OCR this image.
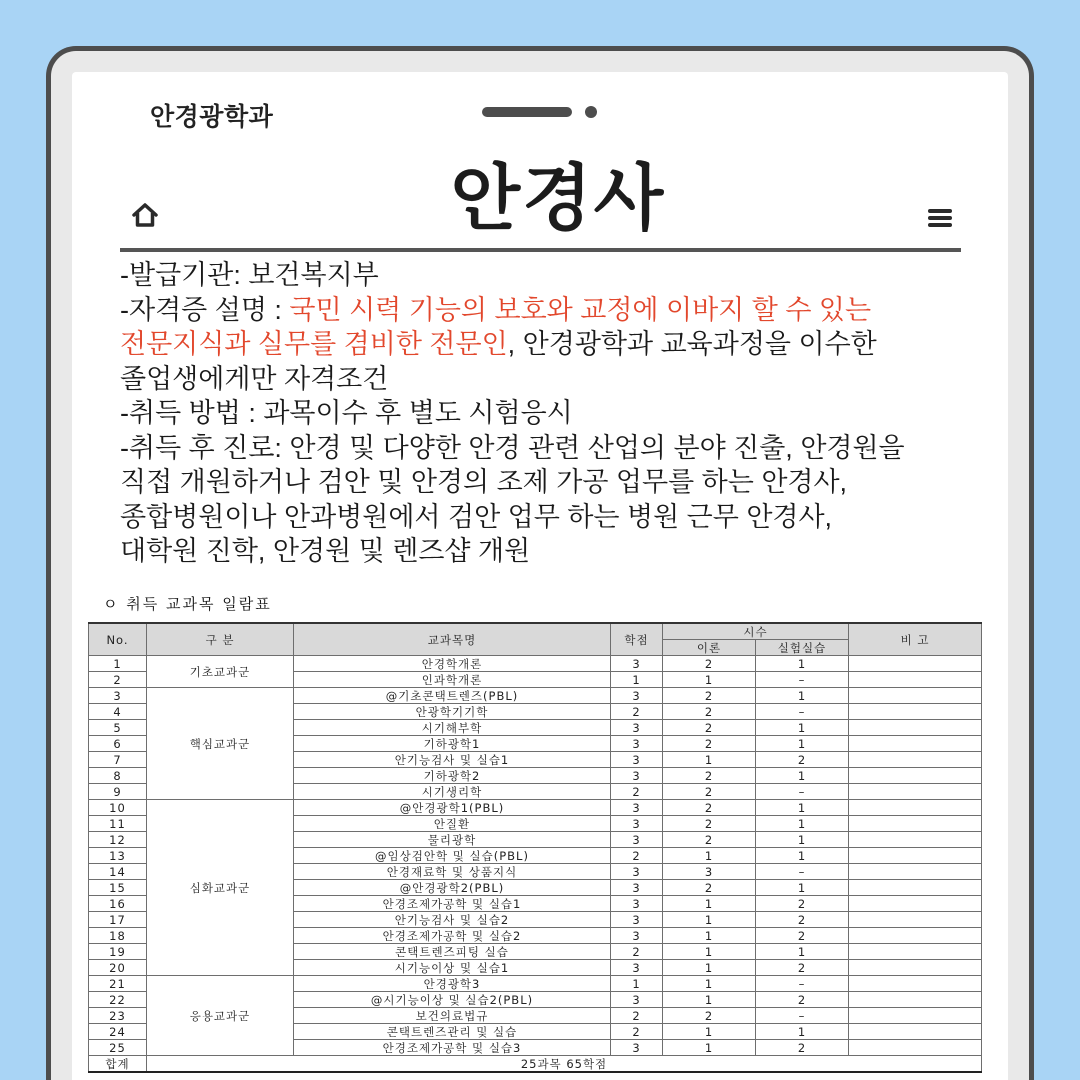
안경광학과
안경사
-발급기관: 보건복지부
-자격증 설명 : 국민 시력 기능의 보호와 교정에 이바지 할 수 있는
전문지식과 실무를 겸비한 전문인, 안경광학과 교육과정을 이수한
졸업생에게만 자격조건
-취득 방법 : 과목이수 후 별도 시험응시
-취득 후 진로: 안경 및 다양한 안경 관련 산업의 분야 진출, 안경원을
직접 개원하거나 검안 및 안경의 조제 가공 업무를 하는 안경사,
종합병원이나 안과병원에서 검안 업무 하는 병원 근무 안경사,
대학원 진학, 안경원 및 렌즈샵 개원
ㅇ 취득 교과목 일람표
No.	구 분	교과목명	학점	시수		비 고
				이론	실험실습	
1	기초교과군	안경학개론	3	2	1	
2		인과학개론	1	1	–	
3	핵심교과군	@기초콘택트렌즈(PBL)	3	2	1	
4		안광학기기학	2	2	–	
5		시기해부학	3	2	1	
6		기하광학1	3	2	1	
7		안기능검사 및 실습1	3	1	2	
8		기하광학2	3	2	1	
9		시기생리학	2	2	–	
10	심화교과군	@안경광학1(PBL)	3	2	1	
11		안질환	3	2	1	
12		물리광학	3	2	1	
13		@임상검안학 및 실습(PBL)	2	1	1	
14		안경재료학 및 상품지식	3	3	–	
15		@안경광학2(PBL)	3	2	1	
16		안경조제가공학 및 실습1	3	1	2	
17		안기능검사 및 실습2	3	1	2	
18		안경조제가공학 및 실습2	3	1	2	
19		콘택트렌즈피팅 실습	2	1	1	
20		시기능이상 및 실습1	3	1	2	
21	응용교과군	안경광학3	1	1	–	
22		@시기능이상 및 실습2(PBL)	3	1	2	
23		보건의료법규	2	2	–	
24		콘택트렌즈관리 및 실습	2	1	1	
25		안경조제가공학 및 실습3	3	1	2	
합계	25과목 65학점					
